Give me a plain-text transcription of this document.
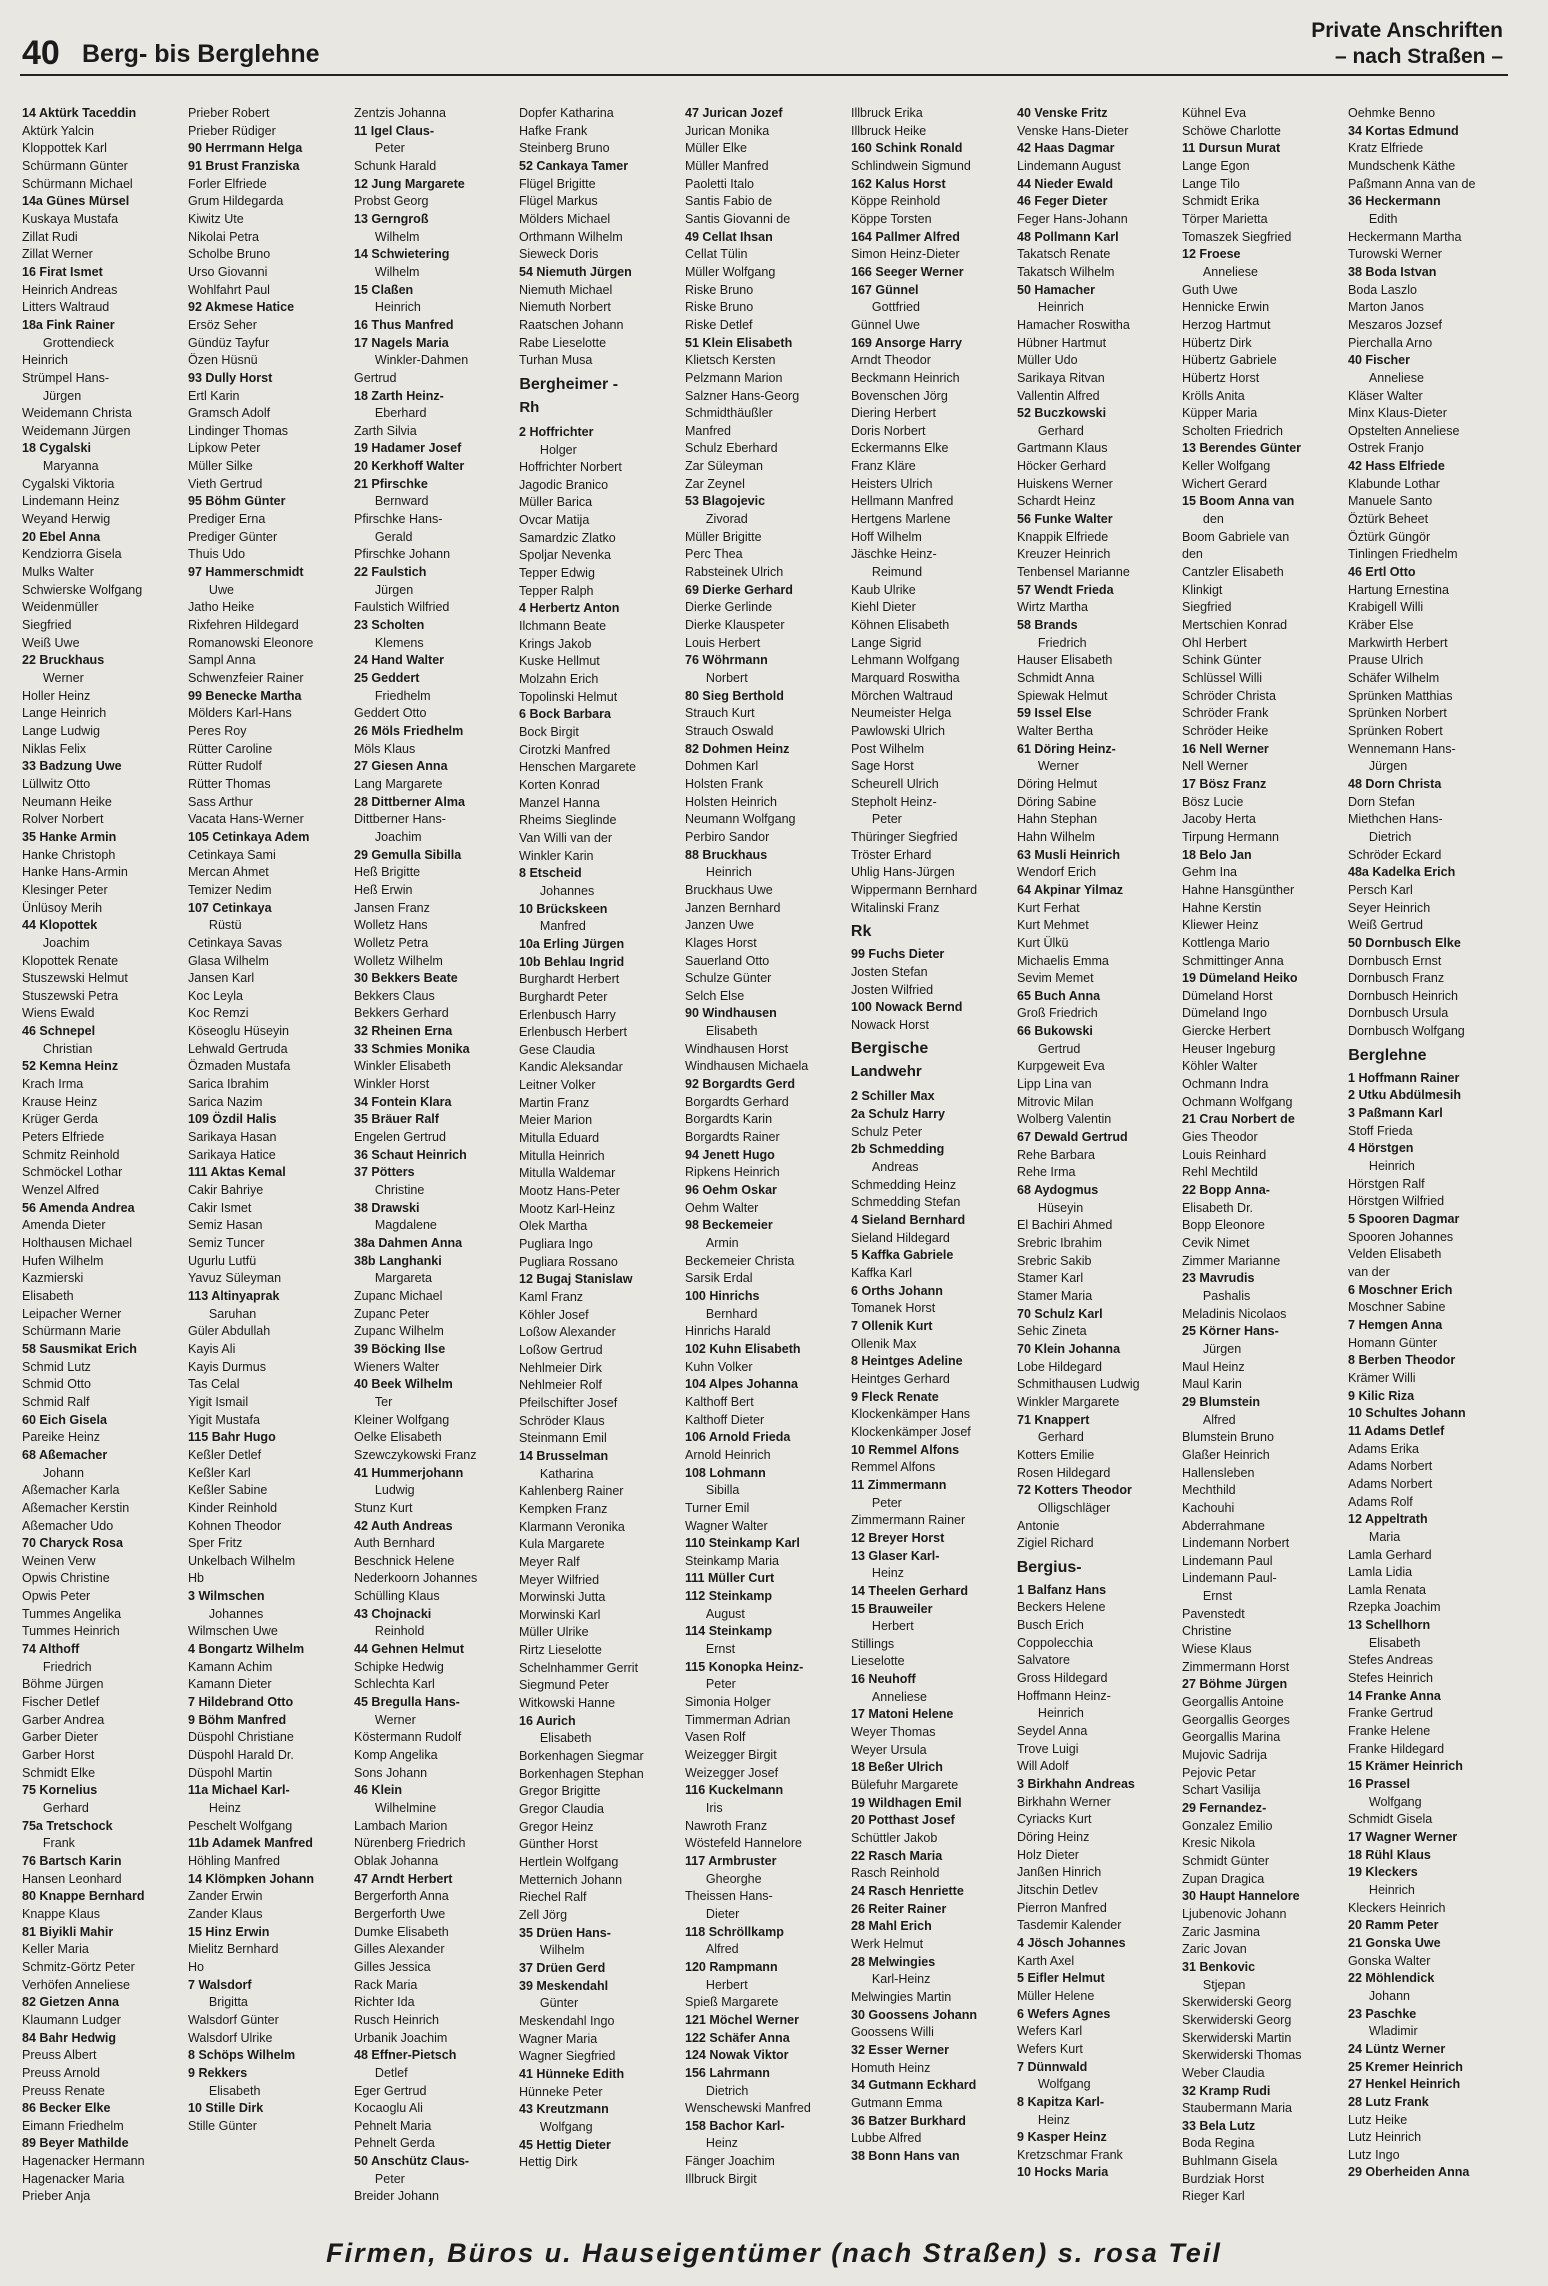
40 Berg- bis Berglehne
Private Anschriften
– nach Straßen –
14 Aktürk Taceddin
Aktürk Yalcin
Kloppottek Karl
Schürmann Günter
Schürmann Michael
14a Günes Mürsel
Kuskaya Mustafa
Zillat Rudi
Zillat Werner
16 Firat Ismet
Heinrich Andreas
Litters Waltraud
18a Fink Rainer
Grottendieck
Heinrich
Strümpel Hans-
Jürgen
Weidemann Christa
Weidemann Jürgen
18 Cygalski
Maryanna
Cygalski Viktoria
Lindemann Heinz
Weyand Herwig
20 Ebel Anna
Kendziorra Gisela
Mulks Walter
Schwierske Wolfgang
Weidenmüller
Siegfried
Weiß Uwe
22 Bruckhaus
Werner
Holler Heinz
Lange Heinrich
Lange Ludwig
Niklas Felix
33 Badzung Uwe
Lüllwitz Otto
Neumann Heike
Rolver Norbert
35 Hanke Armin
Hanke Christoph
Hanke Hans-Armin
Klesinger Peter
Ünlüsoy Merih
44 Klopottek
Joachim
Klopottek Renate
Stuszewski Helmut
Stuszewski Petra
Wiens Ewald
46 Schnepel
Christian
52 Kemna Heinz
Krach Irma
Krause Heinz
Krüger Gerda
Peters Elfriede
Schmitz Reinhold
Schmöckel Lothar
Wenzel Alfred
56 Amenda Andrea
Amenda Dieter
Holthausen Michael
Hufen Wilhelm
Kazmierski
Elisabeth
Leipacher Werner
Schürmann Marie
58 Sausmikat Erich
Schmid Lutz
Schmid Otto
Schmid Ralf
60 Eich Gisela
Pareike Heinz
68 Aßemacher
Johann
Aßemacher Karla
Aßemacher Kerstin
Aßemacher Udo
70 Charyck Rosa
Weinen Verw
Opwis Christine
Opwis Peter
Tummes Angelika
Tummes Heinrich
74 Althoff
Friedrich
Böhme Jürgen
Fischer Detlef
Garber Andrea
Garber Dieter
Garber Horst
Schmidt Elke
75 Kornelius
Gerhard
75a Tretschock
Frank
76 Bartsch Karin
Hansen Leonhard
80 Knappe Bernhard
Knappe Klaus
81 Biyikli Mahir
Keller Maria
Schmitz-Görtz Peter
Verhöfen Anneliese
82 Gietzen Anna
Klaumann Ludger
84 Bahr Hedwig
Preuss Albert
Preuss Arnold
Preuss Renate
86 Becker Elke
Eimann Friedhelm
89 Beyer Mathilde
Hagenacker Hermann
Hagenacker Maria
Prieber Anja
Prieber Robert
Prieber Rüdiger
90 Herrmann Helga
91 Brust Franziska
Forler Elfriede
Grum Hildegarda
Kiwitz Ute
Nikolai Petra
Scholbe Bruno
Urso Giovanni
Wohlfahrt Paul
92 Akmese Hatice
Ersöz Seher
Gündüz Tayfur
Özen Hüsnü
93 Dully Horst
Ertl Karin
Gramsch Adolf
Lindinger Thomas
Lipkow Peter
Müller Silke
Vieth Gertrud
95 Böhm Günter
Prediger Erna
Prediger Günter
Thuis Udo
97 Hammerschmidt
Uwe
Jatho Heike
Rixfehren Hildegard
Romanowski Eleonore
Sampl Anna
Schwenzfeier Rainer
99 Benecke Martha
Mölders Karl-Hans
Peres Roy
Rütter Caroline
Rütter Rudolf
Rütter Thomas
Sass Arthur
Vacata Hans-Werner
105 Cetinkaya Adem
Cetinkaya Sami
Mercan Ahmet
Temizer Nedim
107 Cetinkaya
Rüstü
Cetinkaya Savas
Glasa Wilhelm
Jansen Karl
Koc Leyla
Koc Remzi
Köseoglu Hüseyin
Lehwald Gertruda
Özmaden Mustafa
Sarica Ibrahim
Sarica Nazim
109 Özdil Halis
Sarikaya Hasan
Sarikaya Hatice
111 Aktas Kemal
Cakir Bahriye
Cakir Ismet
Semiz Hasan
Semiz Tuncer
Ugurlu Lutfü
Yavuz Süleyman
113 Altinyaprak
Saruhan
Güler Abdullah
Kayis Ali
Kayis Durmus
Tas Celal
Yigit Ismail
Yigit Mustafa
115 Bahr Hugo
Keßler Detlef
Keßler Karl
Keßler Sabine
Kinder Reinhold
Kohnen Theodor
Sper Fritz
Unkelbach Wilhelm
Hb
3 Wilmschen
Johannes
Wilmschen Uwe
4 Bongartz Wilhelm
Kamann Achim
Kamann Dieter
7 Hildebrand Otto
9 Böhm Manfred
Düspohl Christiane
Düspohl Harald Dr.
Düspohl Martin
11a Michael Karl-
Heinz
Peschelt Wolfgang
11b Adamek Manfred
Höhling Manfred
14 Klömpken Johann
Zander Erwin
Zander Klaus
15 Hinz Erwin
Mielitz Bernhard
Ho
7 Walsdorf
Brigitta
Walsdorf Günter
Walsdorf Ulrike
8 Schöps Wilhelm
9 Rekkers
Elisabeth
10 Stille Dirk
Stille Günter
Zentzis Johanna
11 Igel Claus-
Peter
Schunk Harald
12 Jung Margarete
Probst Georg
13 Gerngroß
Wilhelm
14 Schwietering
Wilhelm
15 Claßen
Heinrich
16 Thus Manfred
17 Nagels Maria
Winkler-Dahmen
Gertrud
18 Zarth Heinz-
Eberhard
Zarth Silvia
19 Hadamer Josef
20 Kerkhoff Walter
21 Pfirschke
Bernward
Pfirschke Hans-
Gerald
Pfirschke Johann
22 Faulstich
Jürgen
Faulstich Wilfried
23 Scholten
Klemens
24 Hand Walter
25 Geddert
Friedhelm
Geddert Otto
26 Möls Friedhelm
Möls Klaus
27 Giesen Anna
Lang Margarete
28 Dittberner Alma
Dittberner Hans-
Joachim
29 Gemulla Sibilla
Heß Brigitte
Heß Erwin
Jansen Franz
Wolletz Hans
Wolletz Petra
Wolletz Wilhelm
30 Bekkers Beate
Bekkers Claus
Bekkers Gerhard
32 Rheinen Erna
33 Schmies Monika
Winkler Elisabeth
Winkler Horst
34 Fontein Klara
35 Bräuer Ralf
Engelen Gertrud
36 Schaut Heinrich
37 Pötters
Christine
38 Drawski
Magdalene
38a Dahmen Anna
38b Langhanki
Margareta
Zupanc Michael
Zupanc Peter
Zupanc Wilhelm
39 Böcking Ilse
Wieners Walter
40 Beek Wilhelm
Ter
Kleiner Wolfgang
Oelke Elisabeth
Szewczykowski Franz
41 Hummerjohann
Ludwig
Stunz Kurt
42 Auth Andreas
Auth Bernhard
Beschnick Helene
Nederkoorn Johannes
Schülling Klaus
43 Chojnacki
Reinhold
44 Gehnen Helmut
Schipke Hedwig
Schlechta Karl
45 Bregulla Hans-
Werner
Köstermann Rudolf
Komp Angelika
Sons Johann
46 Klein
Wilhelmine
Lambach Marion
Nürenberg Friedrich
Oblak Johanna
47 Arndt Herbert
Bergerforth Anna
Bergerforth Uwe
Dumke Elisabeth
Gilles Alexander
Gilles Jessica
Rack Maria
Richter Ida
Rusch Heinrich
Urbanik Joachim
48 Effner-Pietsch
Detlef
Eger Gertrud
Kocaoglu Ali
Pehnelt Maria
Pehnelt Gerda
50 Anschütz Claus-
Peter
Breider Johann
Dopfer Katharina
Hafke Frank
Steinberg Bruno
52 Cankaya Tamer
Flügel Brigitte
Flügel Markus
Mölders Michael
Orthmann Wilhelm
Sieweck Doris
54 Niemuth Jürgen
Niemuth Michael
Niemuth Norbert
Raatschen Johann
Rabe Lieselotte
Turhan Musa
Bergheimer -
Rh
2 Hoffrichter
Holger
Hoffrichter Norbert
Jagodic Branico
Müller Barica
Ovcar Matija
Samardzic Zlatko
Spoljar Nevenka
Tepper Edwig
Tepper Ralph
4 Herbertz Anton
Ilchmann Beate
Krings Jakob
Kuske Hellmut
Molzahn Erich
Topolinski Helmut
6 Bock Barbara
Bock Birgit
Cirotzki Manfred
Henschen Margarete
Korten Konrad
Manzel Hanna
Rheims Sieglinde
Van Willi van der
Winkler Karin
8 Etscheid
Johannes
10 Brückskeen
Manfred
10a Erling Jürgen
10b Behlau Ingrid
Burghardt Herbert
Burghardt Peter
Erlenbusch Harry
Erlenbusch Herbert
Gese Claudia
Kandic Aleksandar
Leitner Volker
Martin Franz
Meier Marion
Mitulla Eduard
Mitulla Heinrich
Mitulla Waldemar
Mootz Hans-Peter
Mootz Karl-Heinz
Olek Martha
Pugliara Ingo
Pugliara Rossano
12 Bugaj Stanislaw
Kaml Franz
Köhler Josef
Loßow Alexander
Loßow Gertrud
Nehlmeier Dirk
Nehlmeier Rolf
Pfeilschifter Josef
Schröder Klaus
Steinmann Emil
14 Brusselman
Katharina
Kahlenberg Rainer
Kempken Franz
Klarmann Veronika
Kula Margarete
Meyer Ralf
Meyer Wilfried
Morwinski Jutta
Morwinski Karl
Müller Ulrike
Rirtz Lieselotte
Schelnhammer Gerrit
Siegmund Peter
Witkowski Hanne
16 Aurich
Elisabeth
Borkenhagen Siegmar
Borkenhagen Stephan
Gregor Brigitte
Gregor Claudia
Gregor Heinz
Günther Horst
Hertlein Wolfgang
Metternich Johann
Riechel Ralf
Zell Jörg
35 Drüen Hans-
Wilhelm
37 Drüen Gerd
39 Meskendahl
Günter
Meskendahl Ingo
Wagner Maria
Wagner Siegfried
41 Hünneke Edith
Hünneke Peter
43 Kreutzmann
Wolfgang
45 Hettig Dieter
Hettig Dirk
47 Jurican Jozef
Jurican Monika
Müller Elke
Müller Manfred
Paoletti Italo
Santis Fabio de
Santis Giovanni de
49 Cellat Ihsan
Cellat Tülin
Müller Wolfgang
Riske Bruno
Riske Bruno
Riske Detlef
51 Klein Elisabeth
Klietsch Kersten
Pelzmann Marion
Salzner Hans-Georg
Schmidthäußler
Manfred
Schulz Eberhard
Zar Süleyman
Zar Zeynel
53 Blagojevic
Zivorad
Müller Brigitte
Perc Thea
Rabsteinek Ulrich
69 Dierke Gerhard
Dierke Gerlinde
Dierke Klauspeter
Louis Herbert
76 Wöhrmann
Norbert
80 Sieg Berthold
Strauch Kurt
Strauch Oswald
82 Dohmen Heinz
Dohmen Karl
Holsten Frank
Holsten Heinrich
Neumann Wolfgang
Perbiro Sandor
88 Bruckhaus
Heinrich
Bruckhaus Uwe
Janzen Bernhard
Janzen Uwe
Klages Horst
Sauerland Otto
Schulze Günter
Selch Else
90 Windhausen
Elisabeth
Windhausen Horst
Windhausen Michaela
92 Borgardts Gerd
Borgardts Gerhard
Borgardts Karin
Borgardts Rainer
94 Jenett Hugo
Ripkens Heinrich
96 Oehm Oskar
Oehm Walter
98 Beckemeier
Armin
Beckemeier Christa
Sarsik Erdal
100 Hinrichs
Bernhard
Hinrichs Harald
102 Kuhn Elisabeth
Kuhn Volker
104 Alpes Johanna
Kalthoff Bert
Kalthoff Dieter
106 Arnold Frieda
Arnold Heinrich
108 Lohmann
Sibilla
Turner Emil
Wagner Walter
110 Steinkamp Karl
Steinkamp Maria
111 Müller Curt
112 Steinkamp
August
114 Steinkamp
Ernst
115 Konopka Heinz-
Peter
Simonia Holger
Timmerman Adrian
Vasen Rolf
Weizegger Birgit
Weizegger Josef
116 Kuckelmann
Iris
Nawroth Franz
Wöstefeld Hannelore
117 Armbruster
Gheorghe
Theissen Hans-
Dieter
118 Schröllkamp
Alfred
120 Rampmann
Herbert
Spieß Margarete
121 Möchel Werner
122 Schäfer Anna
124 Nowak Viktor
156 Lahrmann
Dietrich
Wenschewski Manfred
158 Bachor Karl-
Heinz
Fänger Joachim
Illbruck Birgit
Illbruck Erika
Illbruck Heike
160 Schink Ronald
Schlindwein Sigmund
162 Kalus Horst
Köppe Reinhold
Köppe Torsten
164 Pallmer Alfred
Simon Heinz-Dieter
166 Seeger Werner
167 Günnel
Gottfried
Günnel Uwe
169 Ansorge Harry
Arndt Theodor
Beckmann Heinrich
Bovenschen Jörg
Diering Herbert
Doris Norbert
Eckermanns Elke
Franz Kläre
Heisters Ulrich
Hellmann Manfred
Hertgens Marlene
Hoff Wilhelm
Jäschke Heinz-
Reimund
Kaub Ulrike
Kiehl Dieter
Köhnen Elisabeth
Lange Sigrid
Lehmann Wolfgang
Marquard Roswitha
Mörchen Waltraud
Neumeister Helga
Pawlowski Ulrich
Post Wilhelm
Sage Horst
Scheurell Ulrich
Stepholt Heinz-
Peter
Thüringer Siegfried
Tröster Erhard
Uhlig Hans-Jürgen
Wippermann Bernhard
Witalinski Franz
Rk
99 Fuchs Dieter
Josten Stefan
Josten Wilfried
100 Nowack Bernd
Nowack Horst
Bergische
Landwehr
2 Schiller Max
2a Schulz Harry
Schulz Peter
2b Schmedding
Andreas
Schmedding Heinz
Schmedding Stefan
4 Sieland Bernhard
Sieland Hildegard
5 Kaffka Gabriele
Kaffka Karl
6 Orths Johann
Tomanek Horst
7 Ollenik Kurt
Ollenik Max
8 Heintges Adeline
Heintges Gerhard
9 Fleck Renate
Klockenkämper Hans
Klockenkämper Josef
10 Remmel Alfons
Remmel Alfons
11 Zimmermann
Peter
Zimmermann Rainer
12 Breyer Horst
13 Glaser Karl-
Heinz
14 Theelen Gerhard
15 Brauweiler
Herbert
Stillings
Lieselotte
16 Neuhoff
Anneliese
17 Matoni Helene
Weyer Thomas
Weyer Ursula
18 Beßer Ulrich
Bülefuhr Margarete
19 Wildhagen Emil
20 Potthast Josef
Schüttler Jakob
22 Rasch Maria
Rasch Reinhold
24 Rasch Henriette
26 Reiter Rainer
28 Mahl Erich
Werk Helmut
28 Melwingies
Karl-Heinz
Melwingies Martin
30 Goossens Johann
Goossens Willi
32 Esser Werner
Homuth Heinz
34 Gutmann Eckhard
Gutmann Emma
36 Batzer Burkhard
Lubbe Alfred
38 Bonn Hans van
40 Venske Fritz
Venske Hans-Dieter
42 Haas Dagmar
Lindemann August
44 Nieder Ewald
46 Feger Dieter
Feger Hans-Johann
48 Pollmann Karl
Takatsch Renate
Takatsch Wilhelm
50 Hamacher
Heinrich
Hamacher Roswitha
Hübner Hartmut
Müller Udo
Sarikaya Ritvan
Vallentin Alfred
52 Buczkowski
Gerhard
Gartmann Klaus
Höcker Gerhard
Huiskens Werner
Schardt Heinz
56 Funke Walter
Knappik Elfriede
Kreuzer Heinrich
Tenbensel Marianne
57 Wendt Frieda
Wirtz Martha
58 Brands
Friedrich
Hauser Elisabeth
Schmidt Anna
Spiewak Helmut
59 Issel Else
Walter Bertha
61 Döring Heinz-
Werner
Döring Helmut
Döring Sabine
Hahn Stephan
Hahn Wilhelm
63 Musli Heinrich
Wendorf Erich
64 Akpinar Yilmaz
Kurt Ferhat
Kurt Mehmet
Kurt Ülkü
Michaelis Emma
Sevim Memet
65 Buch Anna
Groß Friedrich
66 Bukowski
Gertrud
Kurpgeweit Eva
Lipp Lina van
Mitrovic Milan
Wolberg Valentin
67 Dewald Gertrud
Rehe Barbara
Rehe Irma
68 Aydogmus
Hüseyin
El Bachiri Ahmed
Srebric Ibrahim
Srebric Sakib
Stamer Karl
Stamer Maria
70 Schulz Karl
Sehic Zineta
70 Klein Johanna
Lobe Hildegard
Schmithausen Ludwig
Winkler Margarete
71 Knappert
Gerhard
Kotters Emilie
Rosen Hildegard
72 Kotters Theodor
Olligschläger
Antonie
Zigiel Richard
Bergius-
1 Balfanz Hans
Beckers Helene
Busch Erich
Coppolecchia
Salvatore
Gross Hildegard
Hoffmann Heinz-
Heinrich
Seydel Anna
Trove Luigi
Will Adolf
3 Birkhahn Andreas
Birkhahn Werner
Cyriacks Kurt
Döring Heinz
Holz Dieter
Janßen Hinrich
Jitschin Detlev
Pierron Manfred
Tasdemir Kalender
4 Jösch Johannes
Karth Axel
5 Eifler Helmut
Müller Helene
6 Wefers Agnes
Wefers Karl
Wefers Kurt
7 Dünnwald
Wolfgang
8 Kapitza Karl-
Heinz
9 Kasper Heinz
Kretzschmar Frank
10 Hocks Maria
Kühnel Eva
Schöwe Charlotte
11 Dursun Murat
Lange Egon
Lange Tilo
Schmidt Erika
Törper Marietta
Tomaszek Siegfried
12 Froese
Anneliese
Guth Uwe
Hennicke Erwin
Herzog Hartmut
Hübertz Dirk
Hübertz Gabriele
Hübertz Horst
Krölls Anita
Küpper Maria
Scholten Friedrich
13 Berendes Günter
Keller Wolfgang
Wichert Gerard
15 Boom Anna van
den
Boom Gabriele van
den
Cantzler Elisabeth
Klinkigt
Siegfried
Mertschien Konrad
Ohl Herbert
Schink Günter
Schlüssel Willi
Schröder Christa
Schröder Frank
Schröder Heike
16 Nell Werner
Nell Werner
17 Bösz Franz
Bösz Lucie
Jacoby Herta
Tirpung Hermann
18 Belo Jan
Gehm Ina
Hahne Hansgünther
Hahne Kerstin
Kliewer Heinz
Kottlenga Mario
Schmittinger Anna
19 Dümeland Heiko
Dümeland Horst
Dümeland Ingo
Giercke Herbert
Heuser Ingeburg
Köhler Walter
Ochmann Indra
Ochmann Wolfgang
21 Crau Norbert de
Gies Theodor
Louis Reinhard
Rehl Mechtild
22 Bopp Anna-
Elisabeth Dr.
Bopp Eleonore
Cevik Nimet
Zimmer Marianne
23 Mavrudis
Pashalis
Meladinis Nicolaos
25 Körner Hans-
Jürgen
Maul Heinz
Maul Karin
29 Blumstein
Alfred
Blumstein Bruno
Glaßer Heinrich
Hallensleben
Mechthild
Kachouhi
Abderrahmane
Lindemann Norbert
Lindemann Paul
Lindemann Paul-
Ernst
Pavenstedt
Christine
Wiese Klaus
Zimmermann Horst
27 Böhme Jürgen
Georgallis Antoine
Georgallis Georges
Georgallis Marina
Mujovic Sadrija
Pejovic Petar
Schart Vasilija
29 Fernandez-
Gonzalez Emilio
Kresic Nikola
Schmidt Günter
Zupan Dragica
30 Haupt Hannelore
Ljubenovic Johann
Zaric Jasmina
Zaric Jovan
31 Benkovic
Stjepan
Skerwiderski Georg
Skerwiderski Georg
Skerwiderski Martin
Skerwiderski Thomas
Weber Claudia
32 Kramp Rudi
Staubermann Maria
33 Bela Lutz
Boda Regina
Buhlmann Gisela
Burdziak Horst
Rieger Karl
Oehmke Benno
34 Kortas Edmund
Kratz Elfriede
Mundschenk Käthe
Paßmann Anna van de
36 Heckermann
Edith
Heckermann Martha
Turowski Werner
38 Boda Istvan
Boda Laszlo
Marton Janos
Meszaros Jozsef
Pierchalla Arno
40 Fischer
Anneliese
Kläser Walter
Minx Klaus-Dieter
Opstelten Anneliese
Ostrek Franjo
42 Hass Elfriede
Klabunde Lothar
Manuele Santo
Öztürk Beheet
Öztürk Güngör
Tinlingen Friedhelm
46 Ertl Otto
Hartung Ernestina
Krabigell Willi
Kräber Else
Markwirth Herbert
Prause Ulrich
Schäfer Wilhelm
Sprünken Matthias
Sprünken Norbert
Sprünken Robert
Wennemann Hans-
Jürgen
48 Dorn Christa
Dorn Stefan
Miethchen Hans-
Dietrich
Schröder Eckard
48a Kadelka Erich
Persch Karl
Seyer Heinrich
Weiß Gertrud
50 Dornbusch Elke
Dornbusch Ernst
Dornbusch Franz
Dornbusch Heinrich
Dornbusch Ursula
Dornbusch Wolfgang
Berglehne
1 Hoffmann Rainer
2 Utku Abdülmesih
3 Paßmann Karl
Stoff Frieda
4 Hörstgen
Heinrich
Hörstgen Ralf
Hörstgen Wilfried
5 Spooren Dagmar
Spooren Johannes
Velden Elisabeth
van der
6 Moschner Erich
Moschner Sabine
7 Hemgen Anna
Homann Günter
8 Berben Theodor
Krämer Willi
9 Kilic Riza
10 Schultes Johann
11 Adams Detlef
Adams Erika
Adams Norbert
Adams Norbert
Adams Rolf
12 Appeltrath
Maria
Lamla Gerhard
Lamla Lidia
Lamla Renata
Rzepka Joachim
13 Schellhorn
Elisabeth
Stefes Andreas
Stefes Heinrich
14 Franke Anna
Franke Gertrud
Franke Helene
Franke Hildegard
15 Krämer Heinrich
16 Prassel
Wolfgang
Schmidt Gisela
17 Wagner Werner
18 Rühl Klaus
19 Kleckers
Heinrich
Kleckers Heinrich
20 Ramm Peter
21 Gonska Uwe
Gonska Walter
22 Möhlendick
Johann
23 Paschke
Wladimir
24 Lüntz Werner
25 Kremer Heinrich
27 Henkel Heinrich
28 Lutz Frank
Lutz Heike
Lutz Heinrich
Lutz Ingo
29 Oberheiden Anna
Firmen, Büros u. Hauseigentümer (nach Straßen) s. rosa Teil
